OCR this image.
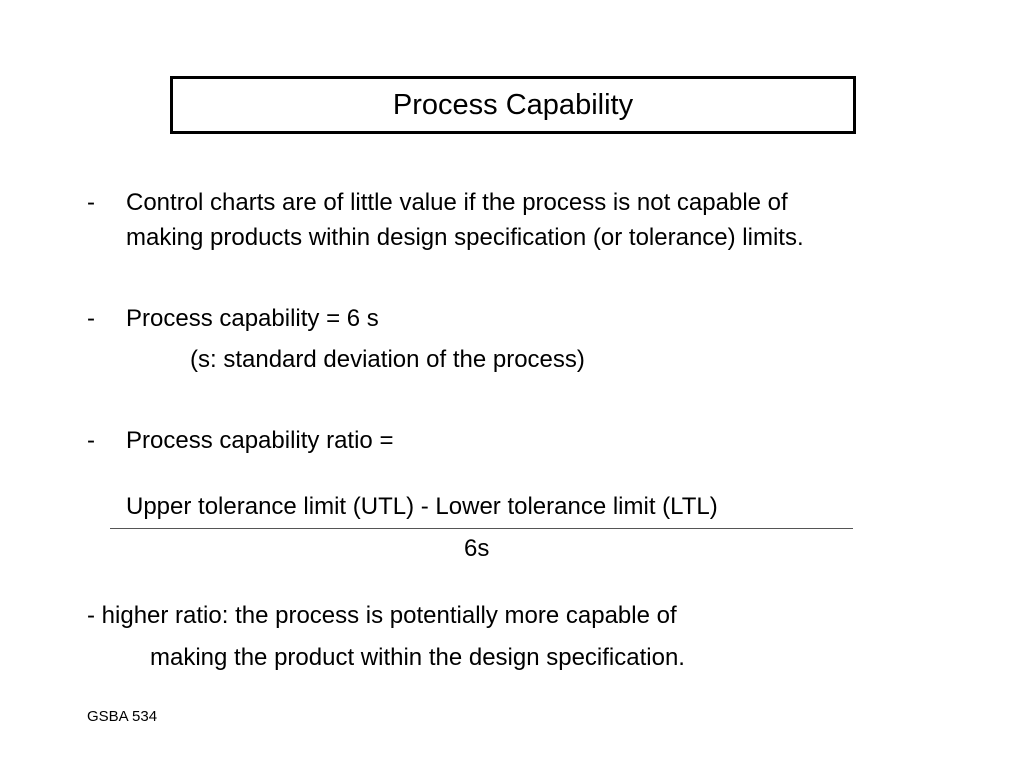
Process Capability
- Control charts are of little value if the process is not capable of
making products within design specification (or tolerance) limits.
- Process capability = 6 s
(s: standard deviation of the process)
- Process capability ratio =
Upper tolerance limit (UTL) - Lower tolerance limit (LTL)
6s
- higher ratio: the process is potentially more capable of
making the product within the design specification.
GSBA 534
